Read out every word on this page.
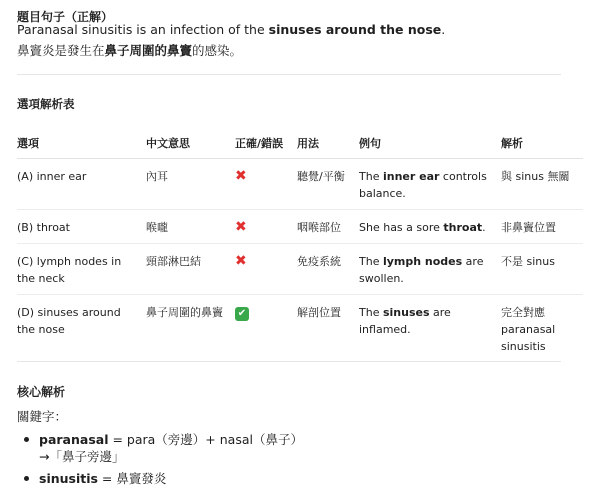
題目句子（正解）
Paranasal sinusitis is an infection of the sinuses around the nose.
鼻竇炎是發生在鼻子周圍的鼻竇的感染。
選項解析表
選項	中文意思	正確/錯誤	用法	例句	解析
(A) inner ear	內耳	✖	聽覺/平衡	The inner ear controls balance.	與 sinus 無關
(B) throat	喉嚨	✖	咽喉部位	She has a sore throat.	非鼻竇位置
(C) lymph nodes in the neck	頸部淋巴結	✖	免疫系統	The lymph nodes are swollen.	不是 sinus
(D) sinuses around the nose	鼻子周圍的鼻竇	✔	解剖位置	The sinuses are inflamed.	完全對應 paranasal sinusitis
核心解析
關鍵字：
paranasal = para（旁邊）+ nasal（鼻子）
→「鼻子旁邊」
sinusitis = 鼻竇發炎
